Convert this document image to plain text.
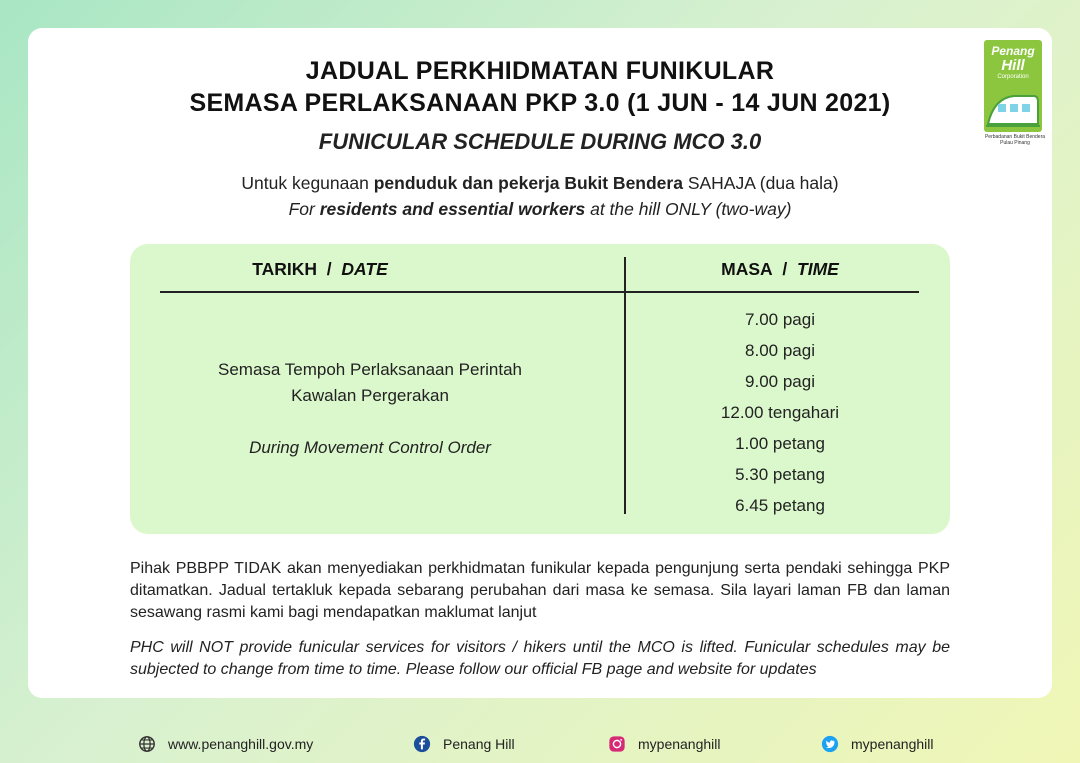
Penang
Hill
Corporation
Perbadanan Bukit Bendera Pulau Pinang
JADUAL PERKHIDMATAN FUNIKULAR
SEMASA PERLAKSANAAN PKP 3.0 (1 JUN - 14 JUN 2021)
FUNICULAR SCHEDULE DURING MCO 3.0
Untuk kegunaan penduduk dan pekerja Bukit Bendera SAHAJA (dua hala)
For residents and essential workers at the hill ONLY (two-way)
TARIKH / DATE	MASA / TIME
Semasa Tempoh Perlaksanaan Perintah
Kawalan Pergerakan
During Movement Control Order
7.00 pagi
8.00 pagi
9.00 pagi
12.00 tengahari
1.00 petang
5.30 petang
6.45 petang
Pihak PBBPP TIDAK akan menyediakan perkhidmatan funikular kepada pengunjung serta pendaki sehingga PKP ditamatkan. Jadual tertakluk kepada sebarang perubahan dari masa ke semasa. Sila layari laman FB dan laman sesawang rasmi kami bagi mendapatkan maklumat lanjut
PHC will NOT provide funicular services for visitors / hikers until the MCO is lifted. Funicular schedules may be subjected to change from time to time. Please follow our official FB page and website for updates
www.penanghill.gov.my	Penang Hill	mypenanghill	mypenanghill
